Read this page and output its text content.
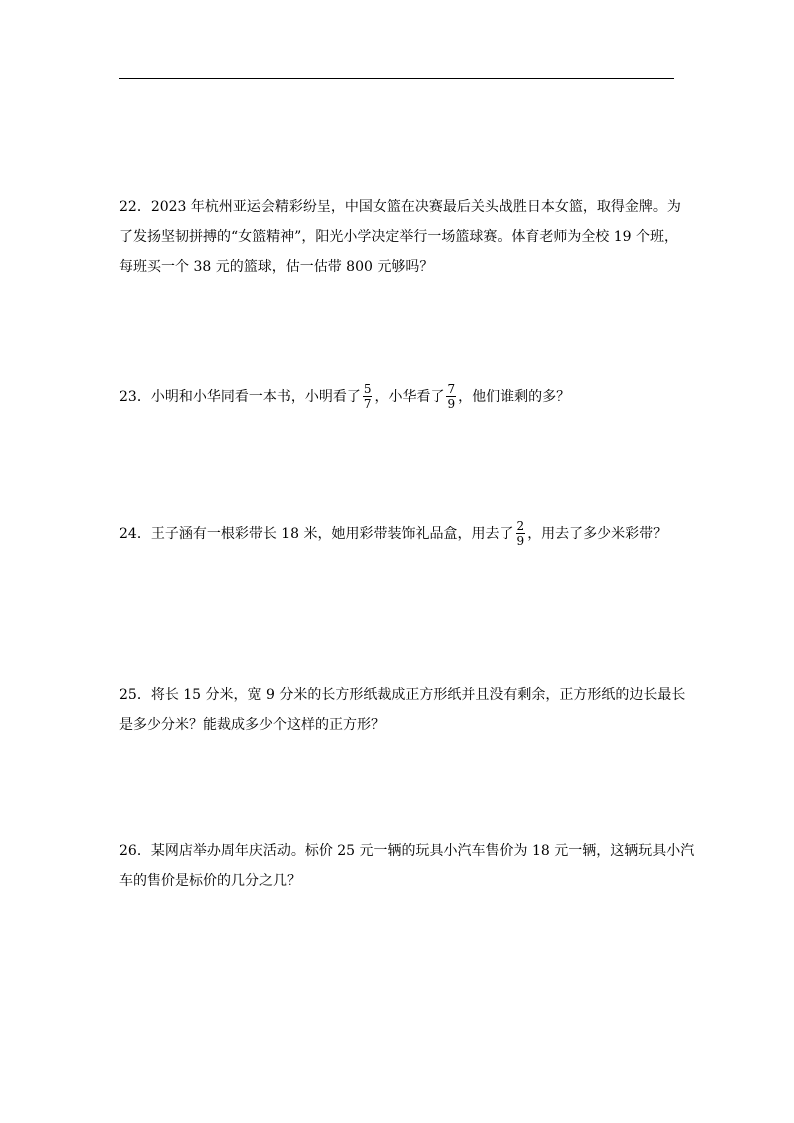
22．2023 年杭州亚运会精彩纷呈，中国女篮在决赛最后关头战胜日本女篮，取得金牌。为
了发扬坚韧拼搏的“女篮精神”，阳光小学决定举行一场篮球赛。体育老师为全校 19 个班，
每班买一个 38 元的篮球，估一估带 800 元够吗？
23．小明和小华同看一本书，小明看了 $\frac{5}{7}$ ，小华看了 $\frac{7}{9}$ ，他们谁剩的多？
24．王子涵有一根彩带长 18 米，她用彩带装饰礼品盒，用去了 $\frac{2}{9}$ ，用去了多少米彩带？
25．将长 15 分米，宽 9 分米的长方形纸裁成正方形纸并且没有剩余，正方形纸的边长最长
是多少分米？能裁成多少个这样的正方形？
26．某网店举办周年庆活动。标价 25 元一辆的玩具小汽车售价为 18 元一辆，这辆玩具小汽
车的售价是标价的几分之几？
